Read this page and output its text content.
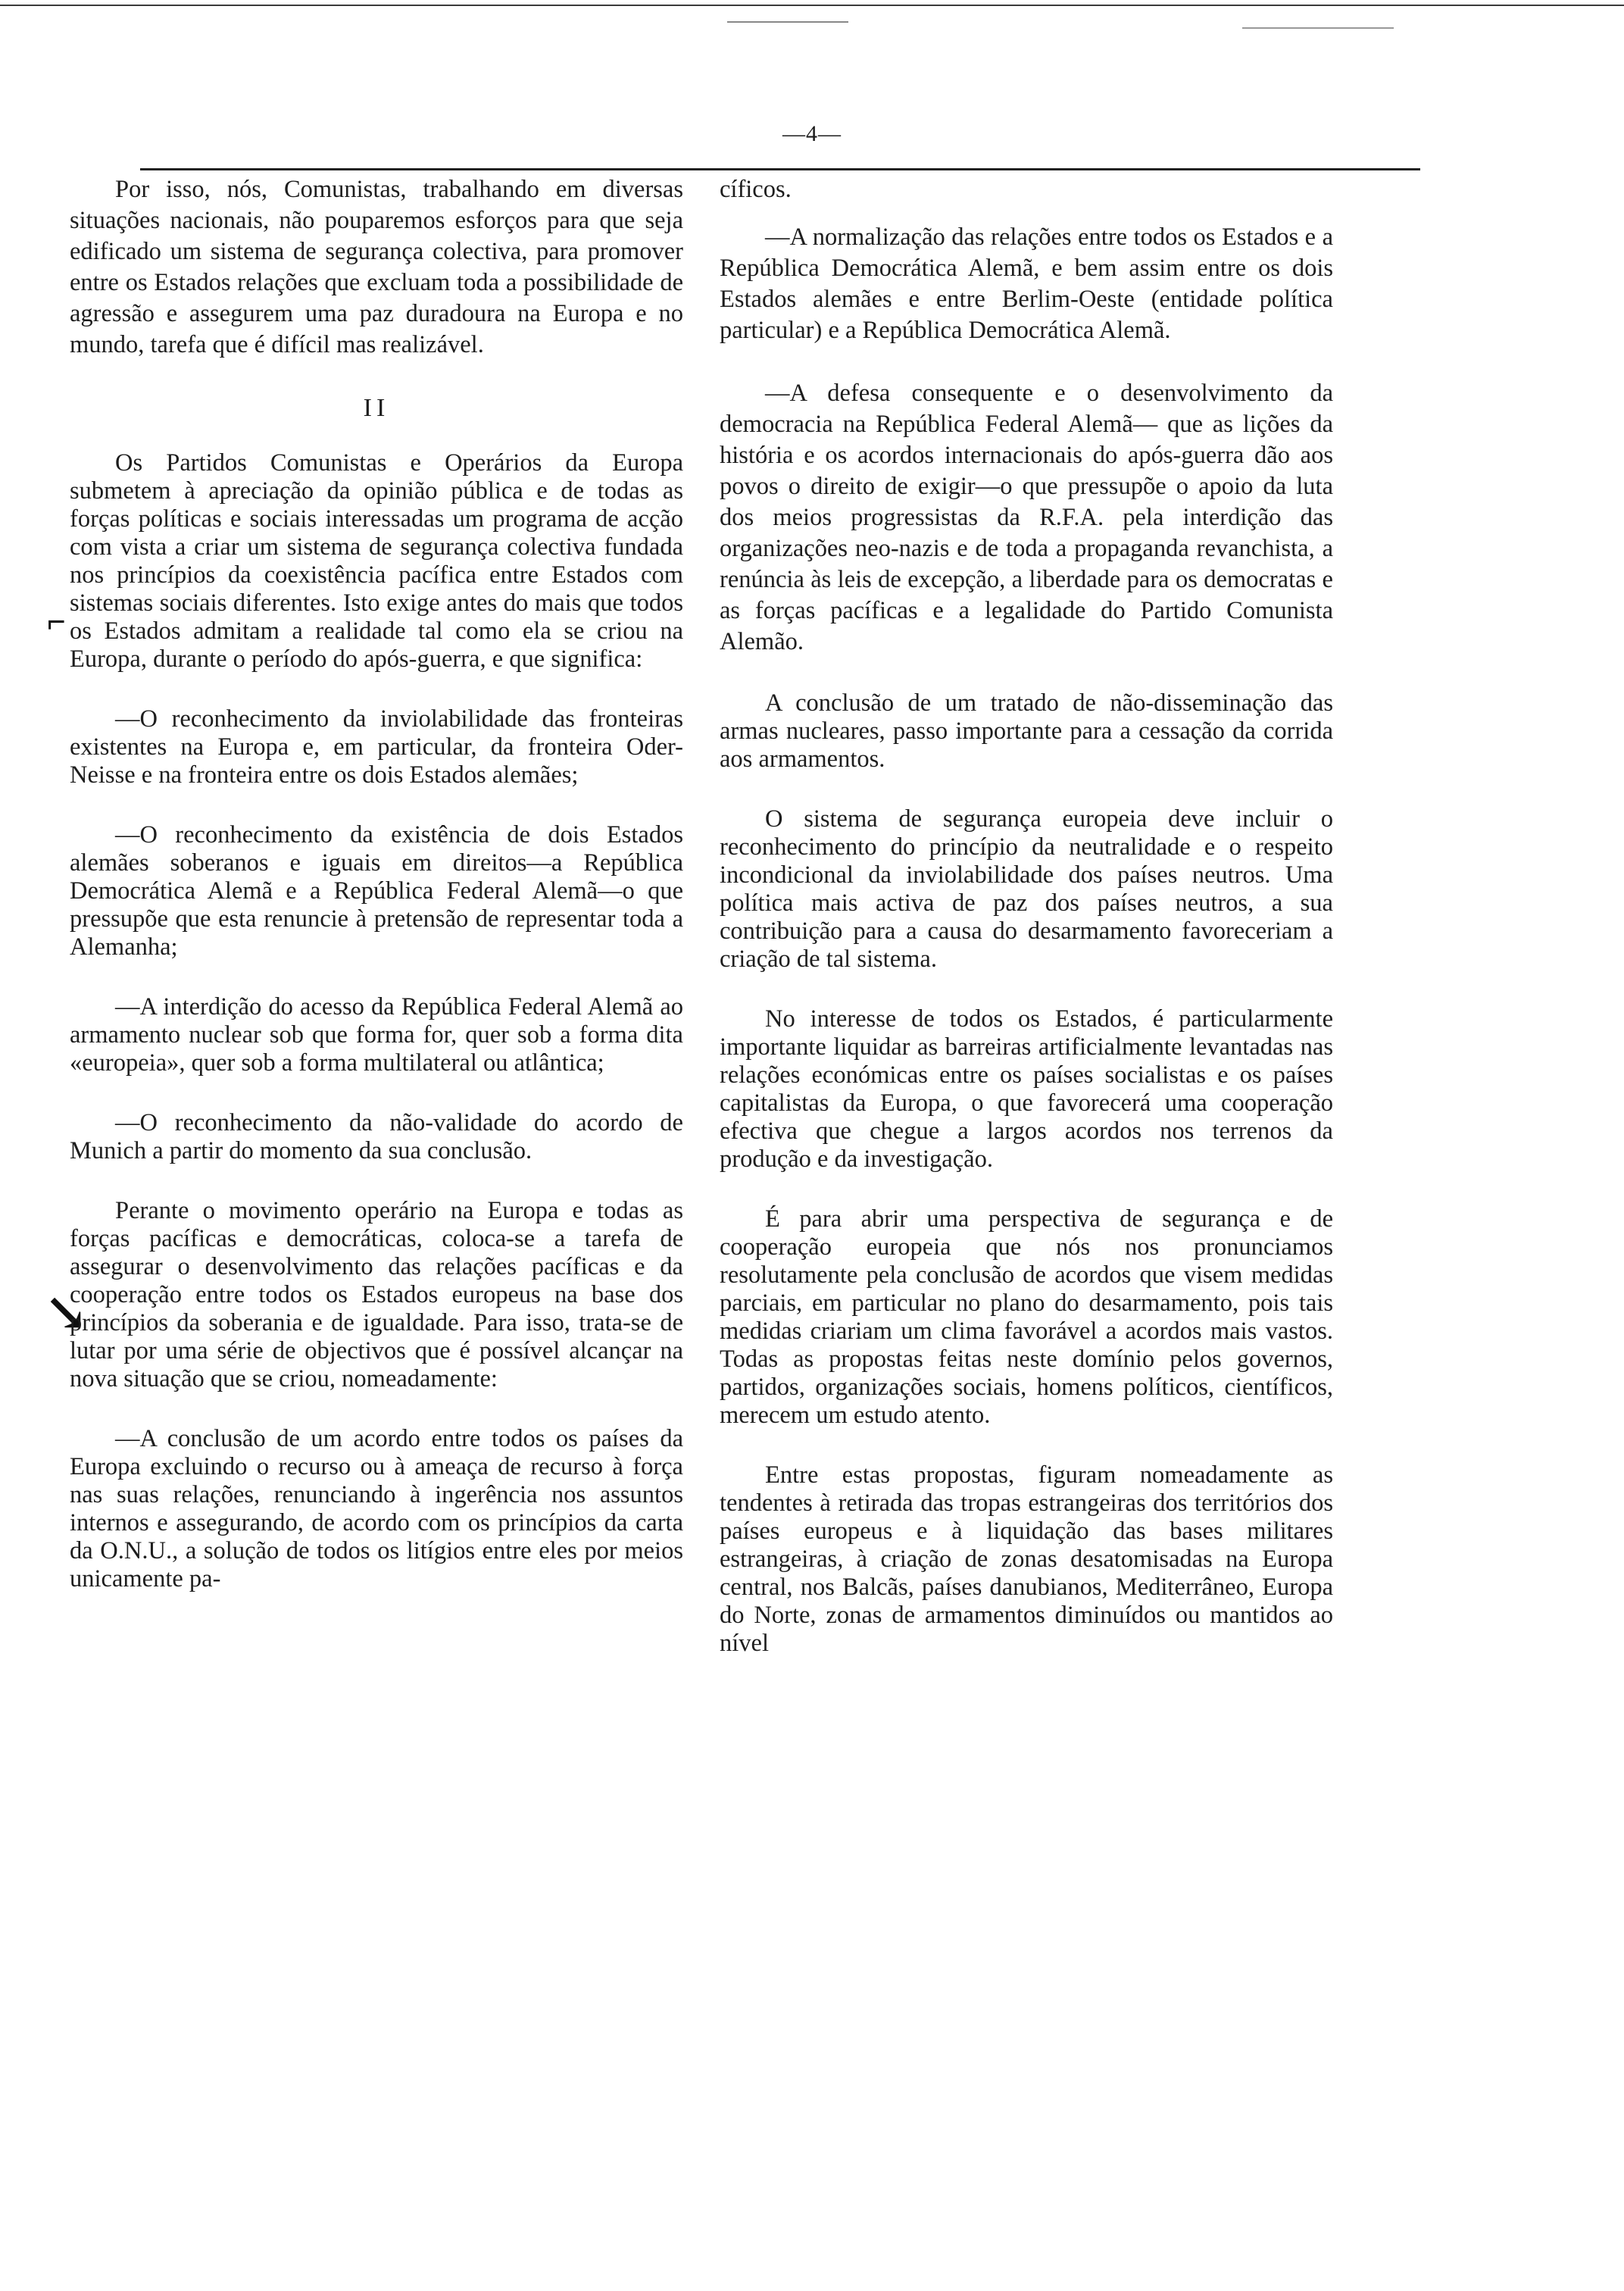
—4—
⌐
↘

Por isso, nós, Comunistas, trabalhando em diversas situações nacionais, não pouparemos esforços para que seja edificado um sistema de segurança colectiva, para promover entre os Estados relações que excluam toda a possibilidade de agressão e assegurem uma paz duradoura na Europa e no mundo, tarefa que é difícil mas realizável.

II

Os Partidos Comunistas e Operários da Europa submetem à apreciação da opinião pública e de todas as forças políticas e sociais interessadas um programa de acção com vista a criar um sistema de segurança colectiva fundada nos princípios da coexistência pacífica entre Estados com sistemas sociais diferentes. Isto exige antes do mais que todos os Estados admitam a realidade tal como ela se criou na Europa, durante o período do após-guerra, e que significa:

—O reconhecimento da inviolabilidade das fronteiras existentes na Europa e, em particular, da fronteira Oder-Neisse e na fronteira entre os dois Estados alemães;

—O reconhecimento da existência de dois Estados alemães soberanos e iguais em direitos—a República Democrática Alemã e a República Federal Alemã—o que pressupõe que esta renuncie à pretensão de representar toda a Alemanha;

—A interdição do acesso da República Federal Alemã ao armamento nuclear sob que forma for, quer sob a forma dita «europeia», quer sob a forma multilateral ou atlântica;

—O reconhecimento da não-validade do acordo de Munich a partir do momento da sua conclusão.

Perante o movimento operário na Europa e todas as forças pacíficas e democráticas, coloca-se a tarefa de assegurar o desenvolvimento das relações pacíficas e da cooperação entre todos os Estados europeus na base dos princípios da soberania e de igualdade. Para isso, trata-se de lutar por uma série de objectivos que é possível alcançar na nova situação que se criou, nomeadamente:

—A conclusão de um acordo entre todos os países da Europa excluindo o recurso ou à ameaça de recurso à força nas suas relações, renunciando à ingerência nos assuntos internos e assegurando, de acordo com os princípios da carta da O.N.U., a solução de todos os litígios entre eles por meios unicamente pa-

cíficos.

—A normalização das relações entre todos os Estados e a República Democrática Alemã, e bem assim entre os dois Estados alemães e entre Berlim-Oeste (entidade política particular) e a República Democrática Alemã.

—A defesa consequente e o desenvolvimento da democracia na República Federal Alemã— que as lições da história e os acordos internacionais do após-guerra dão aos povos o direito de exigir—o que pressupõe o apoio da luta dos meios progressistas da R.F.A. pela interdição das organizações neo-nazis e de toda a propaganda revanchista, a renúncia às leis de excepção, a liberdade para os democratas e as forças pacíficas e a legalidade do Partido Comunista Alemão.

A conclusão de um tratado de não-disseminação das armas nucleares, passo importante para a cessação da corrida aos armamentos.

O sistema de segurança europeia deve incluir o reconhecimento do princípio da neutralidade e o respeito incondicional da inviolabilidade dos países neutros. Uma política mais activa de paz dos países neutros, a sua contribuição para a causa do desarmamento favoreceriam a criação de tal sistema.

No interesse de todos os Estados, é particularmente importante liquidar as barreiras artificialmente levantadas nas relações económicas entre os países socialistas e os países capitalistas da Europa, o que favorecerá uma cooperação efectiva que chegue a largos acordos nos terrenos da produção e da investigação.

É para abrir uma perspectiva de segurança e de cooperação europeia que nós nos pronunciamos resolutamente pela conclusão de acordos que visem medidas parciais, em particular no plano do desarmamento, pois tais medidas criariam um clima favorável a acordos mais vastos. Todas as propostas feitas neste domínio pelos governos, partidos, organizações sociais, homens políticos, científicos, merecem um estudo atento.

Entre estas propostas, figuram nomeadamente as tendentes à retirada das tropas estrangeiras dos territórios dos países europeus e à liquidação das bases militares estrangeiras, à criação de zonas desatomisadas na Europa central, nos Balcãs, países danubianos, Mediterrâneo, Europa do Norte, zonas de armamentos diminuídos ou mantidos ao nível
